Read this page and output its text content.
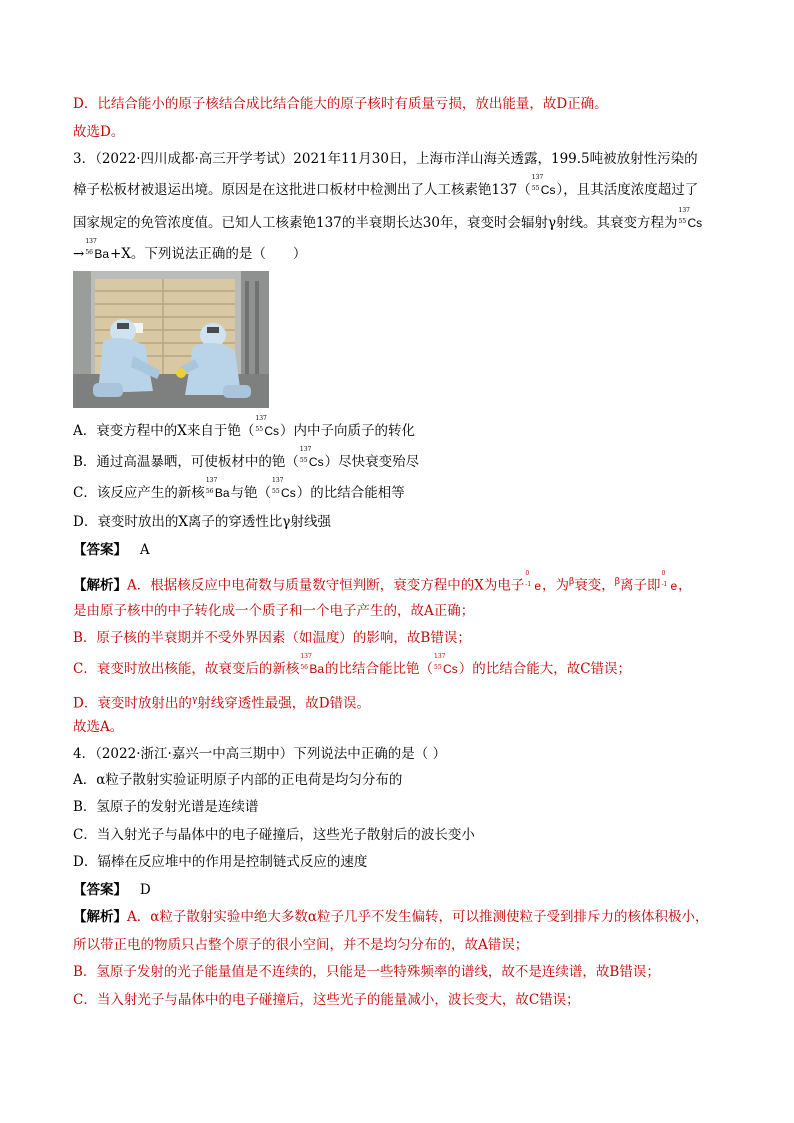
D．比结合能小的原子核结合成比结合能大的原子核时有质量亏损，放出能量，故D正确。
故选D。
3．（2022·四川成都·高三开学考试）2021年11月30日，上海市洋山海关透露，199.5吨被放射性污染的
樟子松板材被退运出境。原因是在这批进口板材中检测出了人工核素铯137（
137
55 Cs），且其活度浓度超过了
国家规定的免管浓度值。已知人工核素铯137的半衰期长达30年，衰变时会辐射γ射线。其衰变方程为
137
55 Cs
→
137
56 Ba+X。下列说法正确的是（　　）
A．衰变方程中的X来自于铯（
137
55 Cs）内中子向质子的转化
B．通过高温暴晒，可使板材中的铯（
137
55 Cs）尽快衰变殆尽
C．该反应产生的新核
137
56 Ba与铯（
137
55 Cs）的比结合能相等
D．衰变时放出的X离子的穿透性比γ射线强
【答案】 A
【解析】A．根据核反应中电荷数与质量数守恒判断，衰变方程中的X为电子
0
-1 e，为$^\beta$衰变，$^\beta$离子即
0
-1 e，
是由原子核中的中子转化成一个质子和一个电子产生的，故A正确；
B．原子核的半衰期并不受外界因素（如温度）的影响，故B错误；
C．衰变时放出核能，故衰变后的新核
137
56 Ba的比结合能比铯（
137
55 Cs）的比结合能大，故C错误；
D．衰变时放射出的$^\gamma$射线穿透性最强，故D错误。
故选A。
4．（2022·浙江·嘉兴一中高三期中）下列说法中正确的是（ ）
A．α粒子散射实验证明原子内部的正电荷是均匀分布的
B．氢原子的发射光谱是连续谱
C．当入射光子与晶体中的电子碰撞后，这些光子散射后的波长变小
D．镉棒在反应堆中的作用是控制链式反应的速度
【答案】 D
【解析】A．α粒子散射实验中绝大多数α粒子几乎不发生偏转，可以推测使粒子受到排斥力的核体积极小，
所以带正电的物质只占整个原子的很小空间，并不是均匀分布的，故A错误；
B．氢原子发射的光子能量值是不连续的，只能是一些特殊频率的谱线，故不是连续谱，故B错误；
C．当入射光子与晶体中的电子碰撞后，这些光子的能量减小，波长变大，故C错误；
